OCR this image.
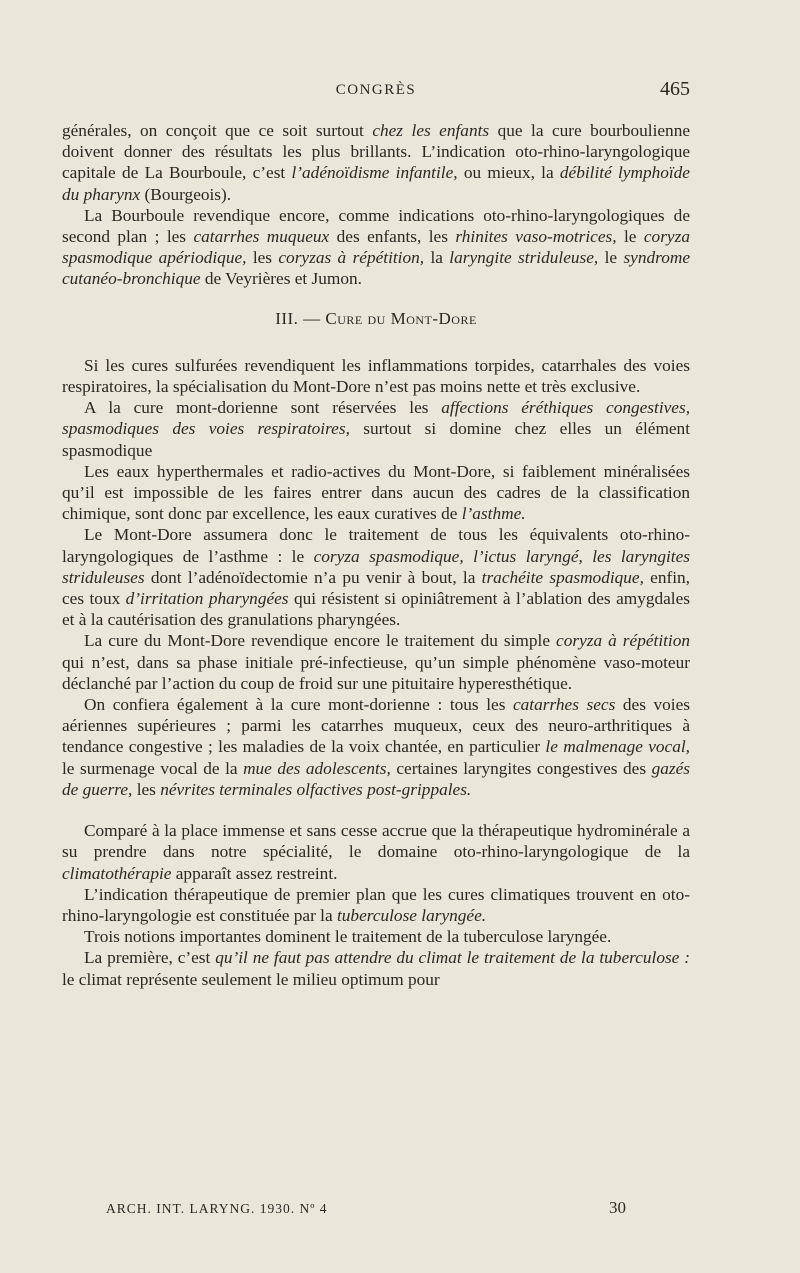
CONGRÈS	465

générales, on conçoit que ce soit surtout chez les enfants que la cure bourboulienne doivent donner des résultats les plus brillants. L’indication oto-rhino-laryngologique capitale de La Bourboule, c’est l’adénoïdisme infantile, ou mieux, la débilité lymphoïde du pharynx (Bourgeois).

La Bourboule revendique encore, comme indications oto-rhino-laryngologiques de second plan ; les catarrhes muqueux des enfants, les rhinites vaso-motrices, le coryza spasmodique apériodique, les coryzas à répétition, la laryngite striduleuse, le syndrome cutanéo-bronchique de Veyrières et Jumon.

III. — Cure du Mont-Dore

Si les cures sulfurées revendiquent les inflammations torpides, catarrhales des voies respiratoires, la spécialisation du Mont-Dore n’est pas moins nette et très exclusive.

A la cure mont-dorienne sont réservées les affections éréthiques congestives, spasmodiques des voies respiratoires, surtout si domine chez elles un élément spasmodique

Les eaux hyperthermales et radio-actives du Mont-Dore, si faiblement minéralisées qu’il est impossible de les faires entrer dans aucun des cadres de la classification chimique, sont donc par excellence, les eaux curatives de l’asthme.

Le Mont-Dore assumera donc le traitement de tous les équivalents oto-rhino-laryngologiques de l’asthme : le coryza spasmodique, l’ictus laryngé, les laryngites striduleuses dont l’adénoïdectomie n’a pu venir à bout, la trachéite spasmodique, enfin, ces toux d’irritation pharyngées qui résistent si opiniâtrement à l’ablation des amygdales et à la cautérisation des granulations pharyngées.

La cure du Mont-Dore revendique encore le traitement du simple coryza à répétition qui n’est, dans sa phase initiale pré-infectieuse, qu’un simple phénomène vaso-moteur déclanché par l’action du coup de froid sur une pituitaire hyperesthétique.

On confiera également à la cure mont-dorienne : tous les catarrhes secs des voies aériennes supérieures ; parmi les catarrhes muqueux, ceux des neuro-arthritiques à tendance congestive ; les maladies de la voix chantée, en particulier le malmenage vocal, le surmenage vocal de la mue des adolescents, certaines laryngites congestives des gazés de guerre, les névrites terminales olfactives post-grippales.

Comparé à la place immense et sans cesse accrue que la thérapeutique hydrominérale a su prendre dans notre spécialité, le domaine oto-rhino-laryngologique de la climatothérapie apparaît assez restreint.

L’indication thérapeutique de premier plan que les cures climatiques trouvent en oto-rhino-laryngologie est constituée par la tuberculose laryngée.

Trois notions importantes dominent le traitement de la tuberculose laryngée.

La première, c’est qu’il ne faut pas attendre du climat le traitement de la tuberculose : le climat représente seulement le milieu optimum pour

ARCH. INT. LARYNG. 1930. Nº 4	30
